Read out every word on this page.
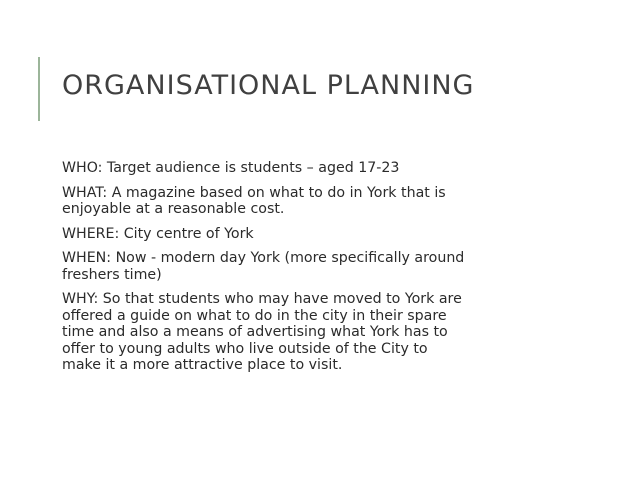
ORGANISATIONAL PLANNING

WHO: Target audience is students – aged 17-23

WHAT: A magazine based on what to do in York that is
enjoyable at a reasonable cost.

WHERE: City centre of York

WHEN: Now - modern day York (more specifically around
freshers time)

WHY: So that students who may have moved to York are
offered a guide on what to do in the city in their spare
time and also a means of advertising what York has to
offer to young adults who live outside of the City to
make it a more attractive place to visit.
